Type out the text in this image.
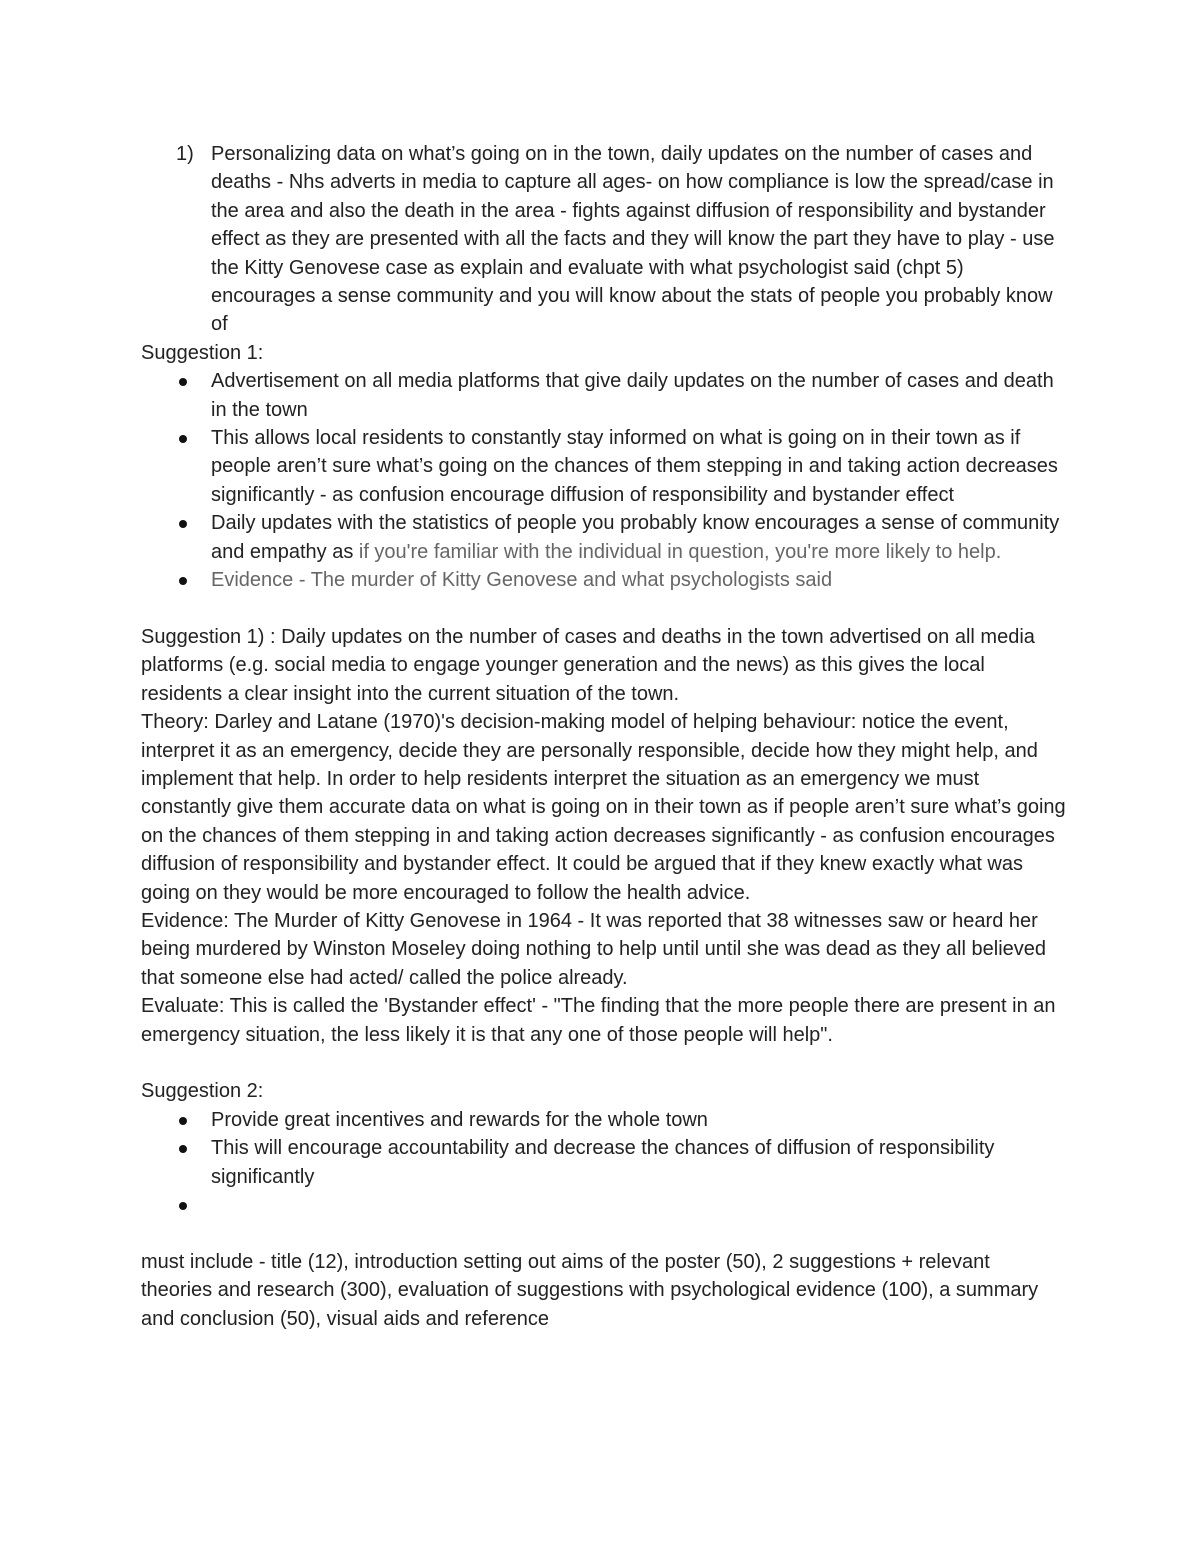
1) Personalizing data on what’s going on in the town, daily updates on the number of cases and deaths - Nhs adverts in media to capture all ages- on how compliance is low the spread/case in the area and also the death in the area - fights against diffusion of responsibility and bystander effect as they are presented with all the facts and they will know the part they have to play - use the Kitty Genovese case as explain and evaluate with what psychologist said (chpt 5) encourages a sense community and you will know about the stats of people you probably know of

Suggestion 1:

Advertisement on all media platforms that give daily updates on the number of cases and death in the town
This allows local residents to constantly stay informed on what is going on in their town as if people aren’t sure what’s going on the chances of them stepping in and taking action decreases significantly - as confusion encourage diffusion of responsibility and bystander effect
Daily updates with the statistics of people you probably know encourages a sense of community and empathy as if you're familiar with the individual in question, you're more likely to help.
Evidence - The murder of Kitty Genovese and what psychologists said

Suggestion 1) : Daily updates on the number of cases and deaths in the town advertised on all media platforms (e.g. social media to engage younger generation and the news) as this gives the local residents a clear insight into the current situation of the town.

Theory: Darley and Latane (1970)'s decision-making model of helping behaviour: notice the event, interpret it as an emergency, decide they are personally responsible, decide how they might help, and implement that help. In order to help residents interpret the situation as an emergency we must constantly give them accurate data on what is going on in their town as if people aren’t sure what’s going on the chances of them stepping in and taking action decreases significantly - as confusion encourages diffusion of responsibility and bystander effect. It could be argued that if they knew exactly what was going on they would be more encouraged to follow the health advice.

Evidence: The Murder of Kitty Genovese in 1964 - It was reported that 38 witnesses saw or heard her being murdered by Winston Moseley doing nothing to help until until she was dead as they all believed that someone else had acted/ called the police already.

Evaluate: This is called the 'Bystander effect' - "The finding that the more people there are present in an emergency situation, the less likely it is that any one of those people will help".

Suggestion 2:

Provide great incentives and rewards for the whole town
This will encourage accountability and decrease the chances of diffusion of responsibility significantly

must include - title (12), introduction setting out aims of the poster (50), 2 suggestions + relevant theories and research (300), evaluation of suggestions with psychological evidence (100), a summary and conclusion (50), visual aids and reference
